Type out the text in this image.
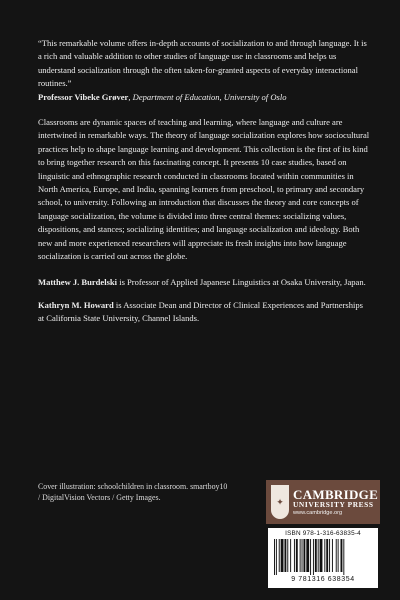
“This remarkable volume offers in-depth accounts of socialization to and through language. It is a rich and valuable addition to other studies of language use in classrooms and helps us understand socialization through the often taken-for-granted aspects of everyday interactional routines.”
Professor Vibeke Grøver, Department of Education, University of Oslo

Classrooms are dynamic spaces of teaching and learning, where language and culture are intertwined in remarkable ways. The theory of language socialization explores how sociocultural practices help to shape language learning and development. This collection is the first of its kind to bring together research on this fascinating concept. It presents 10 case studies, based on linguistic and ethnographic research conducted in classrooms located within communities in North America, Europe, and India, spanning learners from preschool, to primary and secondary school, to university. Following an introduction that discusses the theory and core concepts of language socialization, the volume is divided into three central themes: socializing values, dispositions, and stances; socializing identities; and language socialization and ideology. Both new and more experienced researchers will appreciate its fresh insights into how language socialization is carried out across the globe.

Matthew J. Burdelski is Professor of Applied Japanese Linguistics at Osaka University, Japan.

Kathryn M. Howard is Associate Dean and Director of Clinical Experiences and Partnerships at California State University, Channel Islands.

Cover illustration: schoolchildren in classroom. smartboy10 / DigitalVision Vectors / Getty Images.	✦ CAMBRIDGE
UNIVERSITY PRESS
www.cambridge.org
ISBN 978-1-316-63835-4
9 781316 638354
